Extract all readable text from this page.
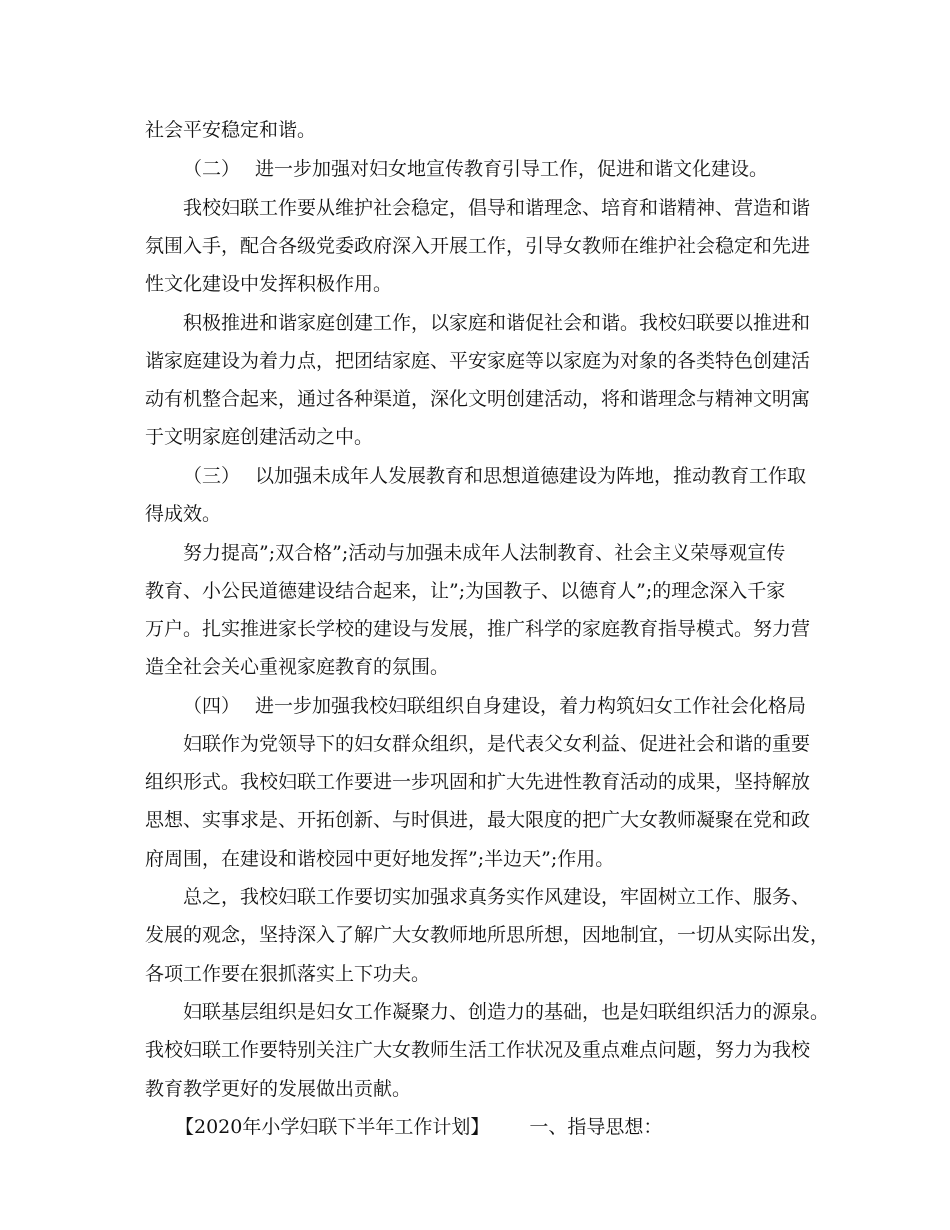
社会平安稳定和谐。
（二） 进一步加强对妇女地宣传教育引导工作，促进和谐文化建设。
我校妇联工作要从维护社会稳定，倡导和谐理念、培育和谐精神、营造和谐
氛围入手，配合各级党委政府深入开展工作，引导女教师在维护社会稳定和先进
性文化建设中发挥积极作用。
积极推进和谐家庭创建工作，以家庭和谐促社会和谐。我校妇联要以推进和
谐家庭建设为着力点，把团结家庭、平安家庭等以家庭为对象的各类特色创建活
动有机整合起来，通过各种渠道，深化文明创建活动，将和谐理念与精神文明寓
于文明家庭创建活动之中。
（三） 以加强未成年人发展教育和思想道德建设为阵地，推动教育工作取
得成效。
努力提高”;双合格”;活动与加强未成年人法制教育、社会主义荣辱观宣传
教育、小公民道德建设结合起来，让”;为国教子、以德育人”;的理念深入千家
万户。扎实推进家长学校的建设与发展，推广科学的家庭教育指导模式。努力营
造全社会关心重视家庭教育的氛围。
（四） 进一步加强我校妇联组织自身建设，着力构筑妇女工作社会化格局
妇联作为党领导下的妇女群众组织，是代表父女利益、促进社会和谐的重要
组织形式。我校妇联工作要进一步巩固和扩大先进性教育活动的成果，坚持解放
思想、实事求是、开拓创新、与时俱进，最大限度的把广大女教师凝聚在党和政
府周围，在建设和谐校园中更好地发挥”;半边天”;作用。
总之，我校妇联工作要切实加强求真务实作风建设，牢固树立工作、服务、
发展的观念，坚持深入了解广大女教师地所思所想，因地制宜，一切从实际出发，
各项工作要在狠抓落实上下功夫。
妇联基层组织是妇女工作凝聚力、创造力的基础，也是妇联组织活力的源泉。
我校妇联工作要特别关注广大女教师生活工作状况及重点难点问题，努力为我校
教育教学更好的发展做出贡献。
【2020年小学妇联下半年工作计划】 一、指导思想：
